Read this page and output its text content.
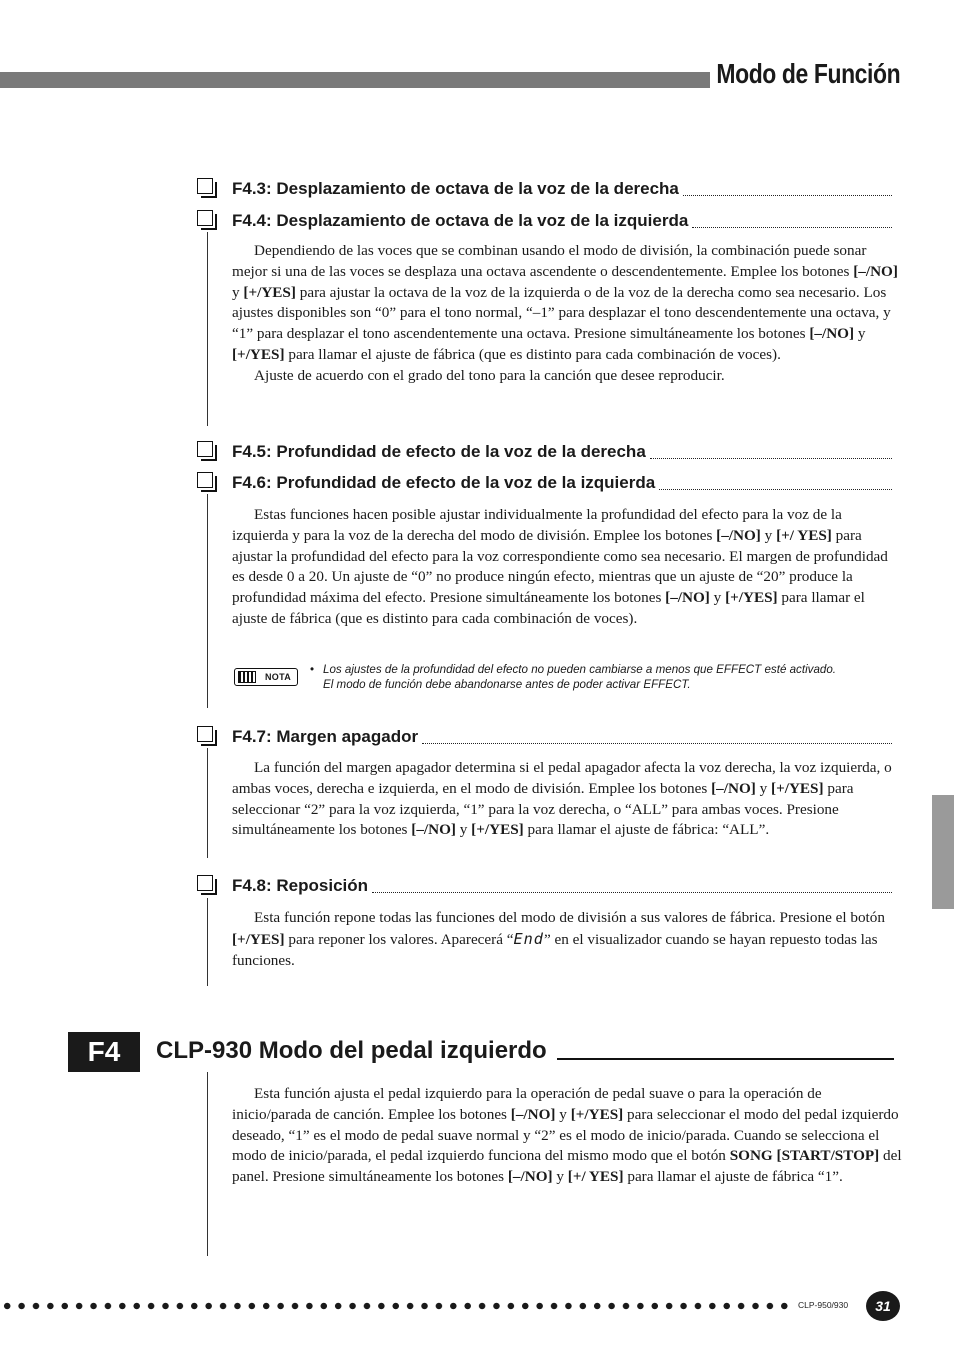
Modo de Función
F4.3: Desplazamiento de octava de la voz de la derecha
F4.4: Desplazamiento de octava de la voz de la izquierda

Dependiendo de las voces que se combinan usando el modo de división, la combinación puede sonar mejor si una de las voces se desplaza una octava ascendente o descendentemente. Emplee los botones [–/NO] y [+/YES] para ajustar la octava de la voz de la izquierda o de la voz de la derecha como sea necesario. Los ajustes disponibles son “0” para el tono normal, “–1” para desplazar el tono descendentemente una octava, y “1” para desplazar el tono ascendentemente una octava. Presione simultáneamente los botones [–/NO] y [+/YES] para llamar el ajuste de fábrica (que es distinto para cada combinación de voces).

Ajuste de acuerdo con el grado del tono para la canción que desee reproducir.

F4.5: Profundidad de efecto de la voz de la derecha
F4.6: Profundidad de efecto de la voz de la izquierda

Estas funciones hacen posible ajustar individualmente la profundidad del efecto para la voz de la izquierda y para la voz de la derecha del modo de división. Emplee los botones [–/NO] y [+/ YES] para ajustar la profundidad del efecto para la voz correspondiente como sea necesario. El margen de profundidad es desde 0 a 20. Un ajuste de “0” no produce ningún efecto, mientras que un ajuste de “20” produce la profundidad máxima del efecto. Presione simultáneamente los botones [–/NO] y [+/YES] para llamar el ajuste de fábrica (que es distinto para cada combinación de voces).

NOTA
• Los ajustes de la profundidad del efecto no pueden cambiarse a menos que EFFECT esté activado.
El modo de función debe abandonarse antes de poder activar EFFECT.
F4.7: Margen apagador

La función del margen apagador determina si el pedal apagador afecta la voz derecha, la voz izquierda, o ambas voces, derecha e izquierda, en el modo de división. Emplee los botones [–/NO] y [+/YES] para seleccionar “2” para la voz izquierda, “1” para la voz derecha, o “ALL” para ambas voces. Presione simultáneamente los botones [–/NO] y [+/YES] para llamar el ajuste de fábrica: “ALL”.

F4.8: Reposición

Esta función repone todas las funciones del modo de división a sus valores de fábrica. Presione el botón [+/YES] para reponer los valores. Aparecerá “End” en el visualizador cuando se hayan repuesto todas las funciones.

F4	CLP-930 Modo del pedal izquierdo

Esta función ajusta el pedal izquierdo para la operación de pedal suave o para la operación de inicio/parada de canción. Emplee los botones [–/NO] y [+/YES] para seleccionar el modo del pedal izquierdo deseado, “1” es el modo de pedal suave normal y “2” es el modo de inicio/parada. Cuando se selecciona el modo de inicio/parada, el pedal izquierdo funciona del mismo modo que el botón SONG [START/STOP] del panel. Presione simultáneamente los botones [–/NO] y [+/ YES] para llamar el ajuste de fábrica “1”.

CLP-950/930	31
